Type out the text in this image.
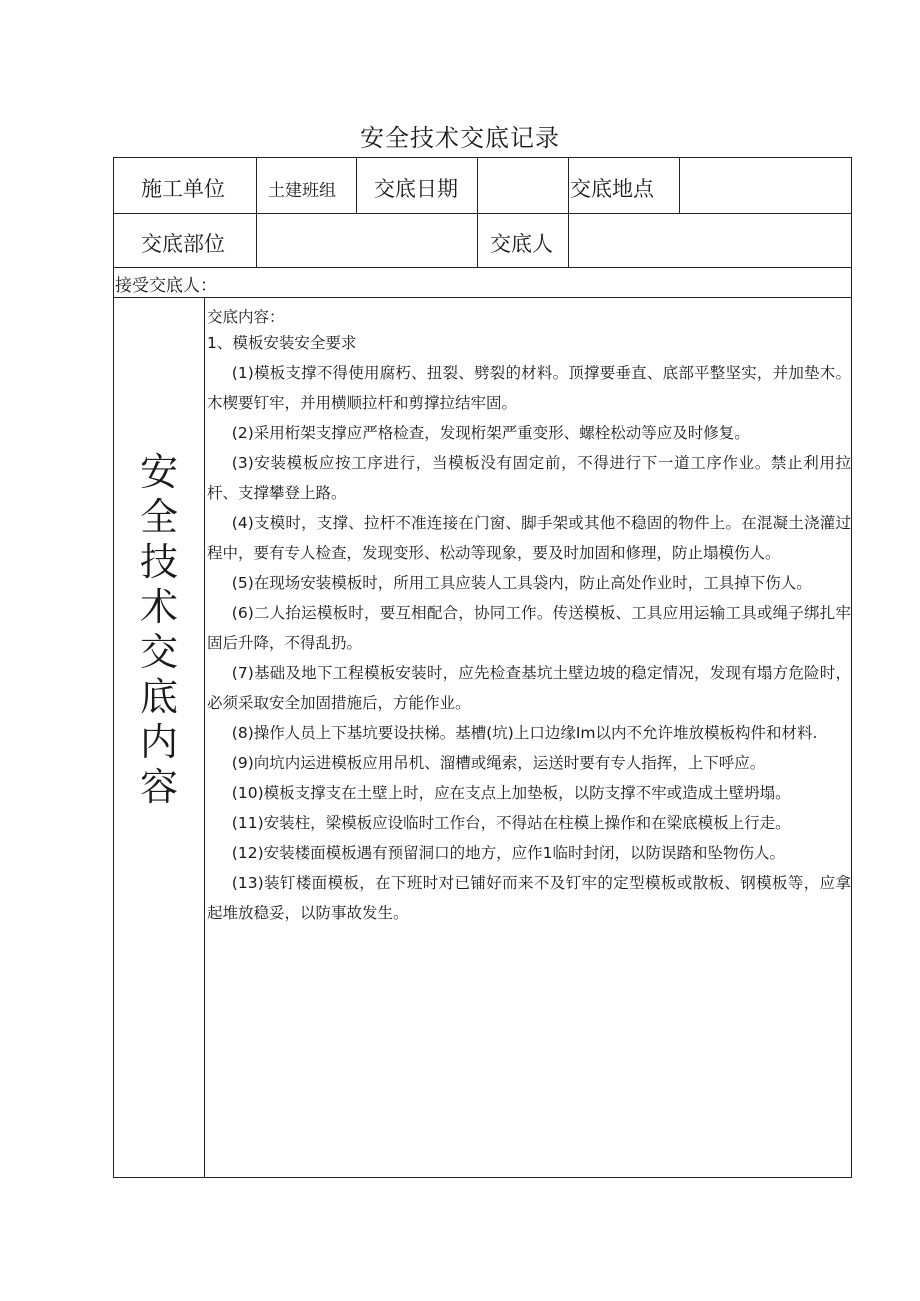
安全技术交底记录
施工单位	土建班组 交底日期	交底地点
交底部位	交底人
接受交底人：
安
全
技
术
交
底
内
容

交底内容：

1、模板安装安全要求

(1)模板支撑不得使用腐朽、扭裂、劈裂的材料。顶撑要垂直、底部平整坚实，并加垫木。木楔要钉牢，并用横顺拉杆和剪撑拉结牢固。

(2)采用桁架支撑应严格检查，发现桁架严重变形、螺栓松动等应及时修复。

(3)安装模板应按工序进行，当模板没有固定前，不得进行下一道工序作业。禁止利用拉杆、支撑攀登上路。

(4)支模时，支撑、拉杆不准连接在门窗、脚手架或其他不稳固的物件上。在混凝土浇灌过程中，要有专人检查，发现变形、松动等现象，要及时加固和修理，防止塌模伤人。

(5)在现场安装模板时，所用工具应装人工具袋内，防止高处作业时，工具掉下伤人。

(6)二人抬运模板时，要互相配合，协同工作。传送模板、工具应用运输工具或绳子绑扎牢固后升降，不得乱扔。

(7)基础及地下工程模板安装时，应先检查基坑土壁边坡的稳定情况，发现有塌方危险时，必须采取安全加固措施后，方能作业。

(8)操作人员上下基坑要设扶梯。基槽(坑)上口边缘Im以内不允许堆放模板构件和材料.

(9)向坑内运进模板应用吊机、溜槽或绳索，运送时要有专人指挥，上下呼应。

(10)模板支撑支在土壁上时，应在支点上加垫板，以防支撑不牢或造成土壁坍塌。

(11)安装柱，梁模板应设临时工作台，不得站在柱模上操作和在梁底模板上行走。

(12)安装楼面模板遇有预留洞口的地方，应作1临时封闭，以防误踏和坠物伤人。

(13)装钉楼面模板，在下班时对已铺好而来不及钉牢的定型模板或散板、钢模板等，应拿起堆放稳妥，以防事故发生。
